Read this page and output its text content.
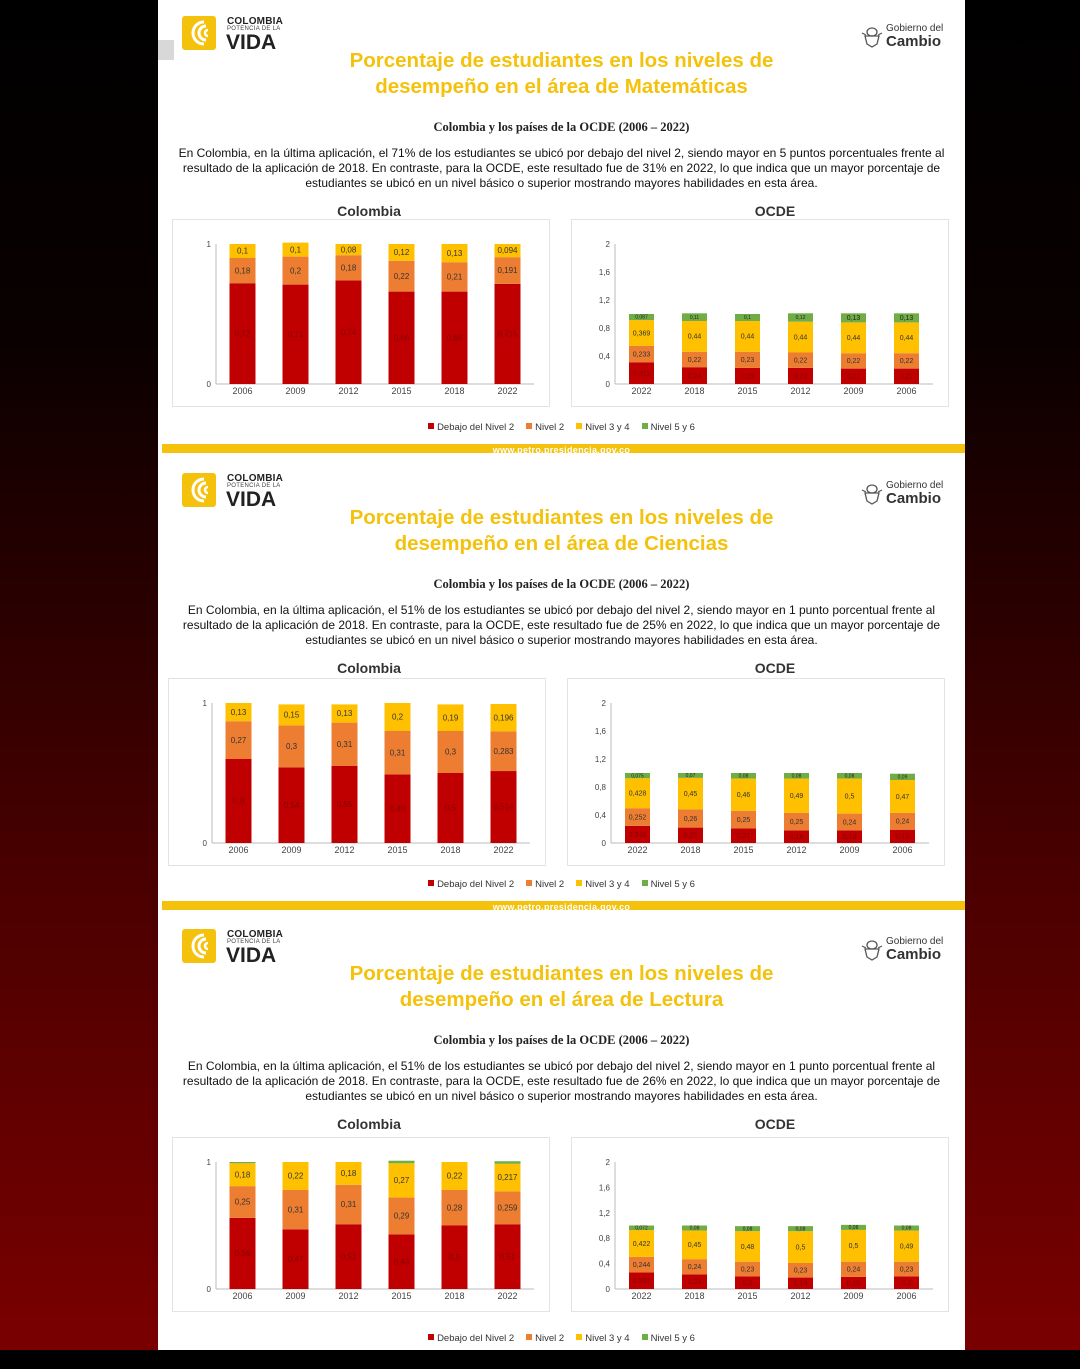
COLOMBIA
POTENCIA DE LA
VIDA
Gobierno del
Cambio
Porcentaje de estudiantes en los niveles de
desempeño en el área de Matemáticas
Colombia y los países de la OCDE (2006 – 2022)
En Colombia, en la última aplicación, el 71% de los estudiantes se ubicó por debajo del nivel 2, siendo mayor en 5 puntos porcentuales frente al resultado de la aplicación de 2018. En contraste, para la OCDE, este resultado fue de 31% en 2022, lo que indica que un mayor porcentaje de estudiantes se ubicó en un nivel básico o superior mostrando mayores habilidades en esta área.
Colombia	OCDE
0
1
0,72
0,18
0,1
2006
0,71
0,2
0,1
2009
0,74
0,18
0,08
2012
0,66
0,22
0,12
2015
0,66
0,21
0,13
2018
0,715
0,191
0,094
2022
0
0,4
0,8
1,2
1,6
2
0,311
0,233
0,369
0,087
2022
0,24
0,22
0,44
0,11
2018
0,23
0,23
0,44
0,1
2015
0,23
0,22
0,44
0,12
2012
0,22
0,22
0,44
0,13
2009
0,22
0,22
0,44
0,13
2006
Debajo del Nivel 2 Nivel 2 Nivel 3 y 4 Nivel 5 y 6
www.petro.presidencia.gov.co
COLOMBIA
POTENCIA DE LA
VIDA
Gobierno del
Cambio
Porcentaje de estudiantes en los niveles de
desempeño en el área de Ciencias
Colombia y los países de la OCDE (2006 – 2022)
En Colombia, en la última aplicación, el 51% de los estudiantes se ubicó por debajo del nivel 2, siendo mayor en 1 punto porcentual frente al resultado de la aplicación de 2018. En contraste, para la OCDE, este resultado fue de 25% en 2022, lo que indica que un mayor porcentaje de estudiantes se ubicó en un nivel básico o superior mostrando mayores habilidades en esta área.
Colombia	OCDE
0
1
0,6
0,27
0,13
2006
0,54
0,3
0,15
2009
0,55
0,31
0,13
2012
0,49
0,31
0,2
2015
0,5
0,3
0,19
2018
0,514
0,283
0,196
2022
0
0,4
0,8
1,2
1,6
2
0,245
0,252
0,428
0,075
2022
0,22
0,26
0,45
0,07
2018
0,21
0,25
0,46
0,08
2015
0,18
0,25
0,49
0,08
2012
0,18
0,24
0,5
0,08
2009
0,19
0,24
0,47
0,09
2006
Debajo del Nivel 2 Nivel 2 Nivel 3 y 4 Nivel 5 y 6
www.petro.presidencia.gov.co
COLOMBIA
POTENCIA DE LA
VIDA
Gobierno del
Cambio
Porcentaje de estudiantes en los niveles de
desempeño en el área de Lectura
Colombia y los países de la OCDE (2006 – 2022)
En Colombia, en la última aplicación, el 51% de los estudiantes se ubicó por debajo del nivel 2, siendo mayor en 1 punto porcentual frente al resultado de la aplicación de 2018. En contraste, para la OCDE, este resultado fue de 26% en 2022, lo que indica que un mayor porcentaje de estudiantes se ubicó en un nivel básico o superior mostrando mayores habilidades en esta área.
Colombia	OCDE
0
1
0,56
0,25
0,18
2006
0,47
0,31
0,22
2009
0,51
0,31
0,18
2012
0,43
0,29
0,27
2015
0,5
0,28
0,22
2018
0,51
0,259
0,217
2022
0
0,4
0,8
1,2
1,6
2
0,262
0,244
0,422
0,072
2022
0,23
0,24
0,45
0,08
2018
0,2
0,23
0,48
0,08
2015
0,18
0,23
0,5
0,08
2012
0,19
0,24
0,5
0,08
2009
0,2
0,23
0,49
0,08
2006
Debajo del Nivel 2 Nivel 2 Nivel 3 y 4 Nivel 5 y 6
